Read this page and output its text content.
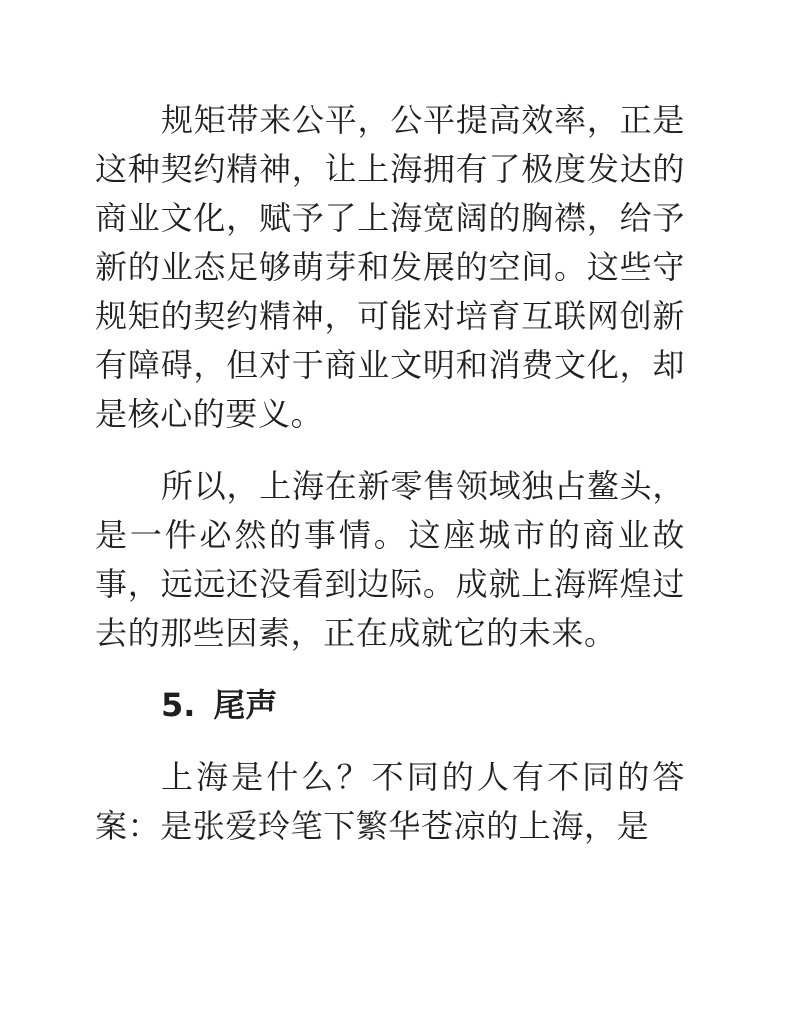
规矩带来公平，公平提高效率，正是这种契约精神，让上海拥有了极度发达的商业文化，赋予了上海宽阔的胸襟，给予新的业态足够萌芽和发展的空间。这些守规矩的契约精神，可能对培育互联网创新有障碍，但对于商业文明和消费文化，却是核心的要义。

所以，上海在新零售领域独占鳌头，是一件必然的事情。这座城市的商业故事，远远还没看到边际。成就上海辉煌过去的那些因素，正在成就它的未来。

5. 尾声

上海是什么？不同的人有不同的答案：是张爱玲笔下繁华苍凉的上海，是
